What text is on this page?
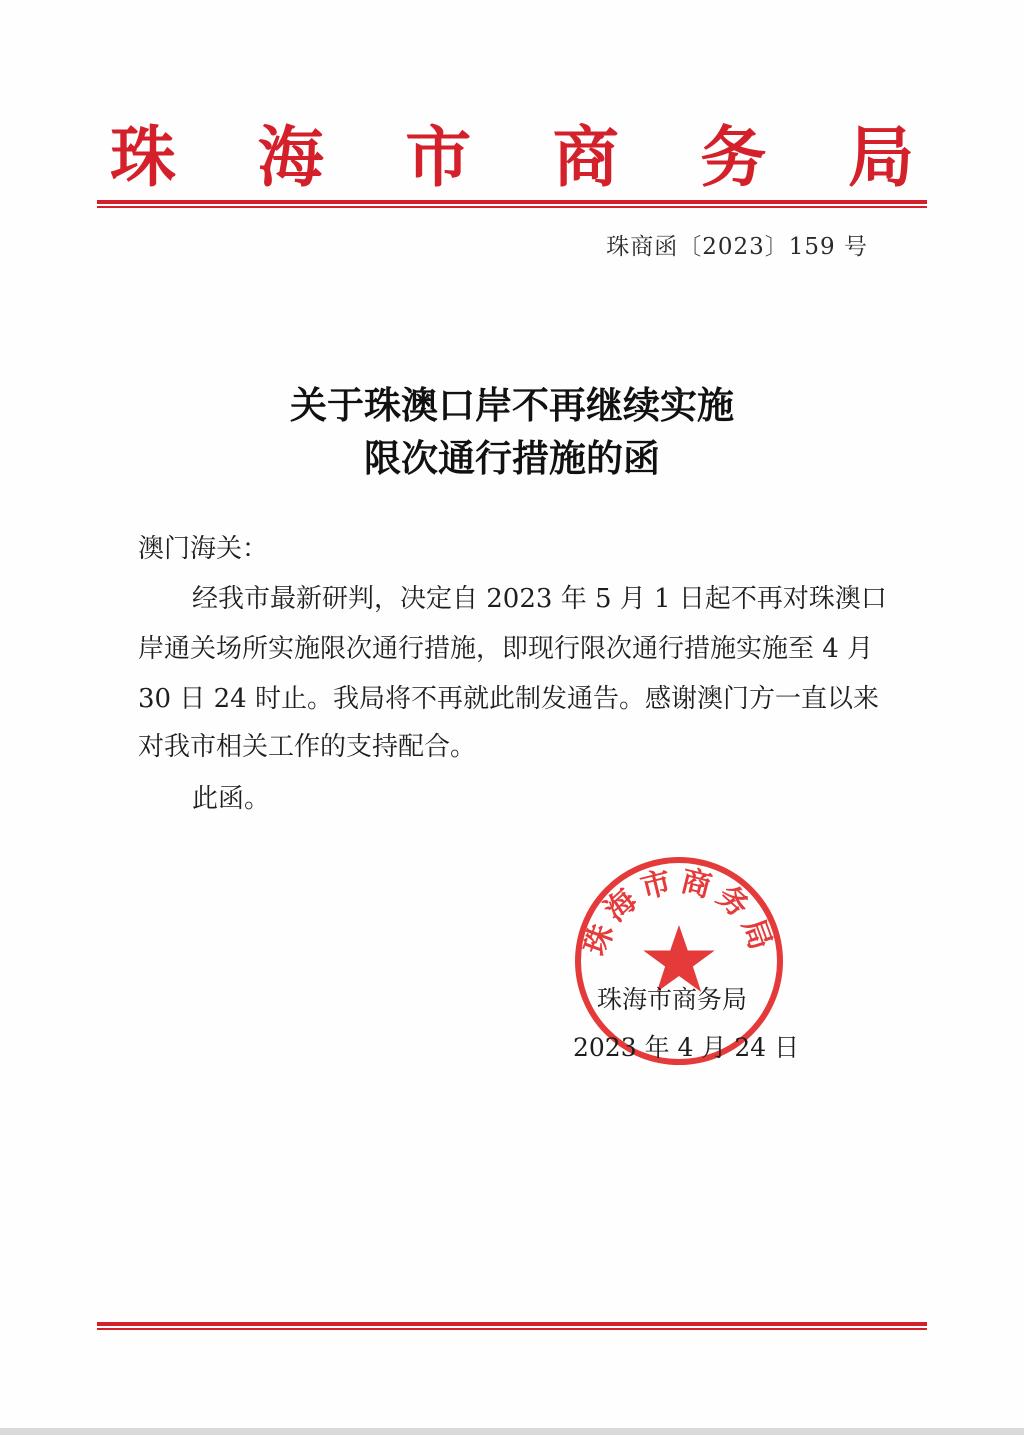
珠 海 市 商 务 局
珠商函〔2023〕159 号
关于珠澳口岸不再继续实施
限次通行措施的函
澳门海关：
经我市最新研判，决定自 2023 年 5 月 1 日起不再对珠澳口
岸通关场所实施限次通行措施，即现行限次通行措施实施至 4 月
30 日 24 时止。我局将不再就此制发通告。感谢澳门方一直以来
对我市相关工作的支持配合。
此函。
珠海市商务局
珠海市商务局
2023 年 4 月 24 日
